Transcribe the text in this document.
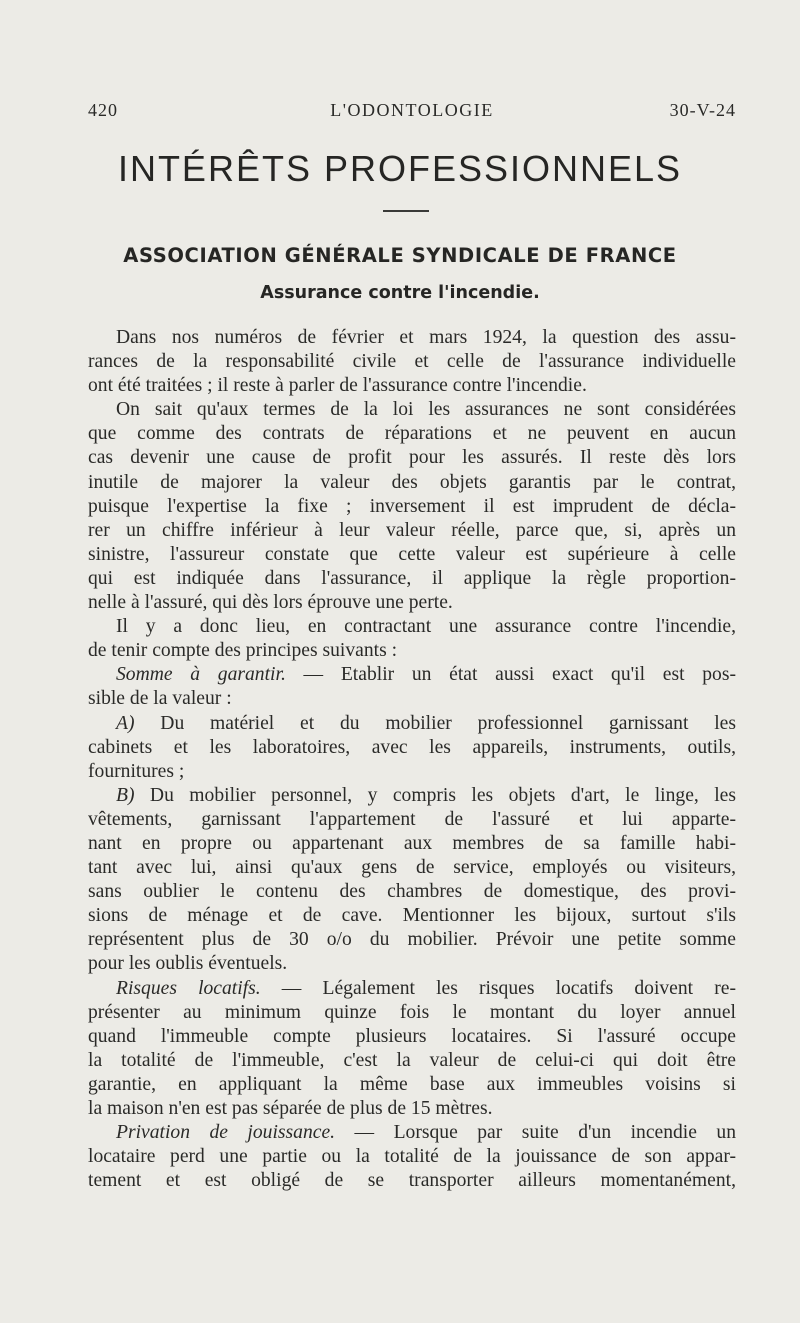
420	L'ODONTOLOGIE	30-V-24
INTÉRÊTS PROFESSIONNELS
ASSOCIATION GÉNÉRALE SYNDICALE DE FRANCE
Assurance contre l'incendie.

Dans nos numéros de février et mars 1924, la question des assu-
rances de la responsabilité civile et celle de l'assurance individuelle
ont été traitées ; il reste à parler de l'assurance contre l'incendie.

On sait qu'aux termes de la loi les assurances ne sont considérées
que comme des contrats de réparations et ne peuvent en aucun
cas devenir une cause de profit pour les assurés. Il reste dès lors
inutile de majorer la valeur des objets garantis par le contrat,
puisque l'expertise la fixe ; inversement il est imprudent de décla-
rer un chiffre inférieur à leur valeur réelle, parce que, si, après un
sinistre, l'assureur constate que cette valeur est supérieure à celle
qui est indiquée dans l'assurance, il applique la règle proportion-
nelle à l'assuré, qui dès lors éprouve une perte.

Il y a donc lieu, en contractant une assurance contre l'incendie,
de tenir compte des principes suivants :

Somme à garantir. — Etablir un état aussi exact qu'il est pos-
sible de la valeur :

A) Du matériel et du mobilier professionnel garnissant les
cabinets et les laboratoires, avec les appareils, instruments, outils,
fournitures ;

B) Du mobilier personnel, y compris les objets d'art, le linge, les
vêtements, garnissant l'appartement de l'assuré et lui apparte-
nant en propre ou appartenant aux membres de sa famille habi-
tant avec lui, ainsi qu'aux gens de service, employés ou visiteurs,
sans oublier le contenu des chambres de domestique, des provi-
sions de ménage et de cave. Mentionner les bijoux, surtout s'ils
représentent plus de 30 o/o du mobilier. Prévoir une petite somme
pour les oublis éventuels.

Risques locatifs. — Légalement les risques locatifs doivent re-
présenter au minimum quinze fois le montant du loyer annuel
quand l'immeuble compte plusieurs locataires. Si l'assuré occupe
la totalité de l'immeuble, c'est la valeur de celui-ci qui doit être
garantie, en appliquant la même base aux immeubles voisins si
la maison n'en est pas séparée de plus de 15 mètres.

Privation de jouissance. — Lorsque par suite d'un incendie un
locataire perd une partie ou la totalité de la jouissance de son appar-
tement et est obligé de se transporter ailleurs momentanément,
